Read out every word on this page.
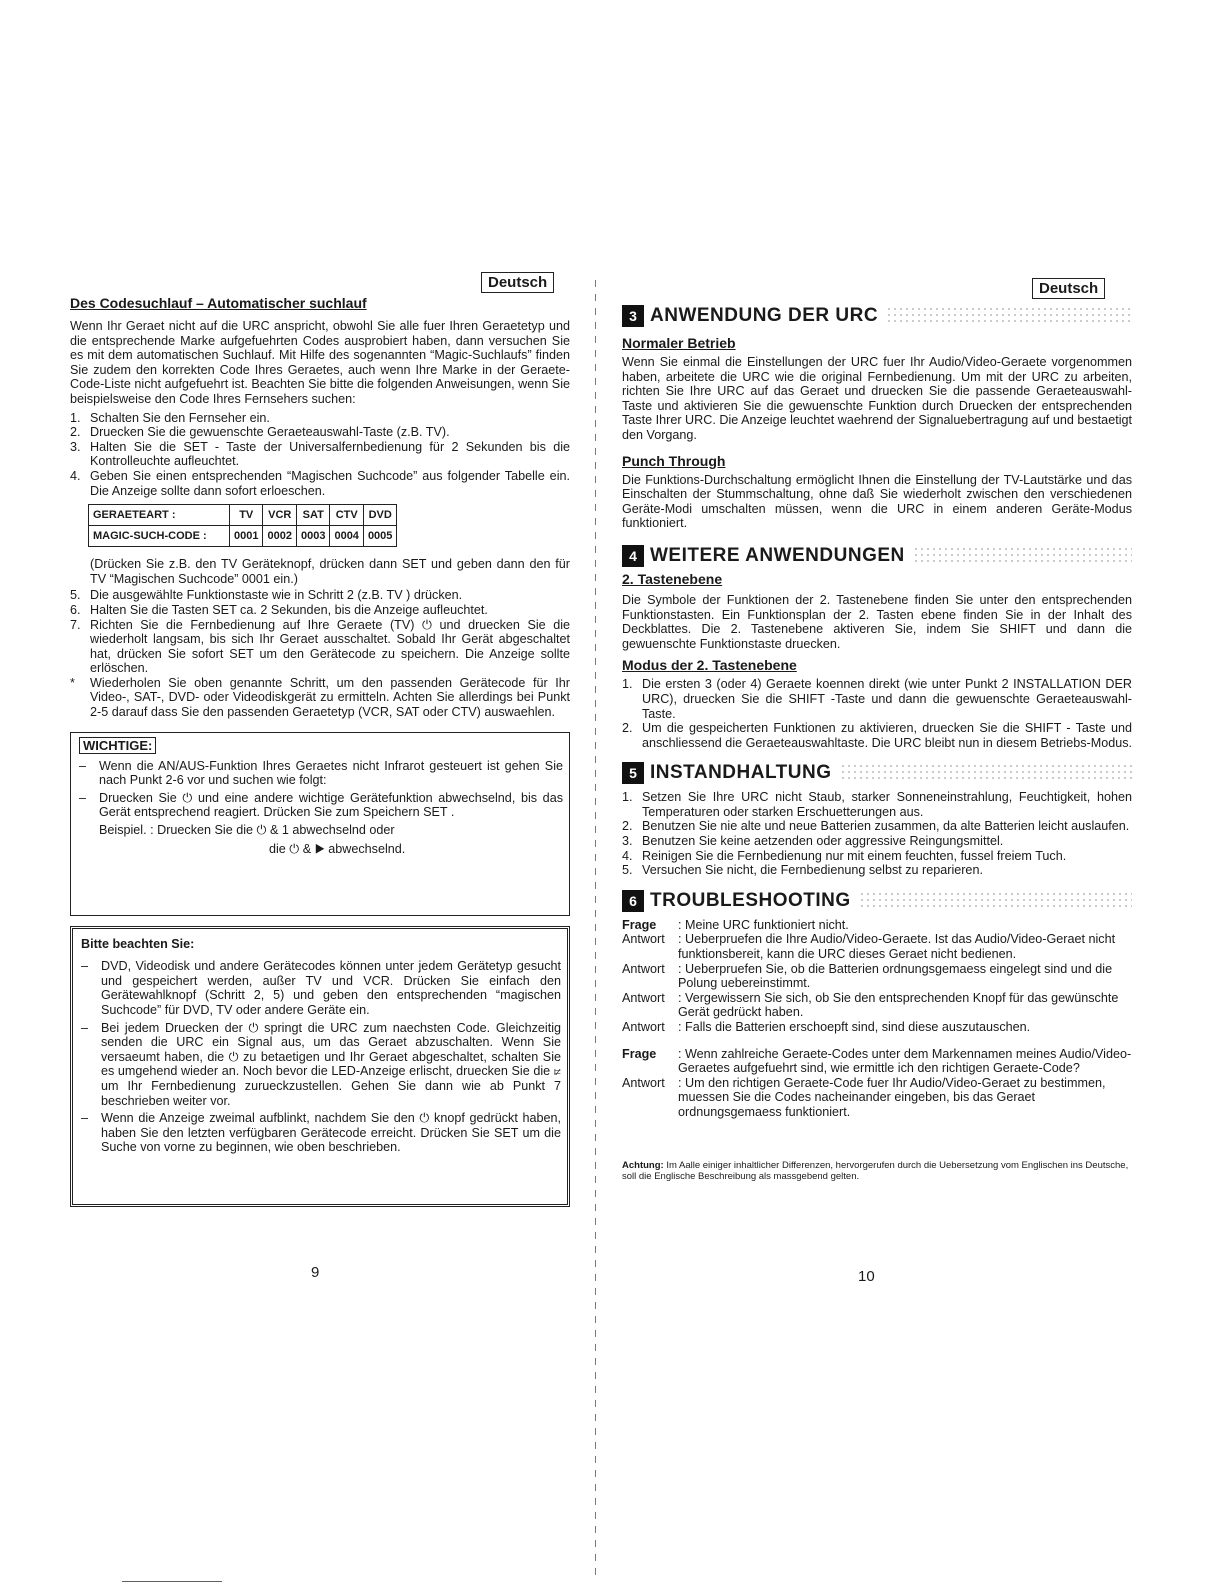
Deutsch

Des Codesuchlauf – Automatischer suchlauf

Wenn Ihr Geraet nicht auf die URC anspricht, obwohl Sie alle fuer Ihren Geraetetyp und die entsprechende Marke aufgefuehrten Codes ausprobiert haben, dann versuchen Sie es mit dem automatischen Suchlauf. Mit Hilfe des sogenannten “Magic-Suchlaufs” finden Sie zudem den korrekten Code Ihres Geraetes, auch wenn Ihre Marke in der Geraete-Code-Liste nicht aufgefuehrt ist. Beachten Sie bitte die folgenden Anweisungen, wenn Sie beispielsweise den Code Ihres Fernsehers suchen:

1. Schalten Sie den Fernseher ein.
2. Druecken Sie die gewuenschte Geraeteauswahl-Taste (z.B. TV).
3. Halten Sie die SET - Taste der Universalfernbedienung für 2 Sekunden bis die Kontrolleuchte aufleuchtet.
4. Geben Sie einen entsprechenden “Magischen Suchcode” aus folgender Tabelle ein. Die Anzeige sollte dann sofort erloeschen.
GERAETEART :	TV	VCR	SAT	CTV	DVD
MAGIC-SUCH-CODE :	0001	0002	0003	0004	0005

(Drücken Sie z.B. den TV Geräteknopf, drücken dann SET und geben dann den für TV “Magischen Suchcode” 0001 ein.)

5. Die ausgewählte Funktionstaste wie in Schritt 2 (z.B. TV ) drücken.
6. Halten Sie die Tasten SET ca. 2 Sekunden, bis die Anzeige aufleuchtet.
7. Richten Sie die Fernbedienung auf Ihre Geraete (TV) ⏻ und druecken Sie die wiederholt langsam, bis sich Ihr Geraet ausschaltet. Sobald Ihr Gerät abgeschaltet hat, drücken Sie sofort SET um den Gerätecode zu speichern. Die Anzeige sollte erlöschen.
* Wiederholen Sie oben genannte Schritt, um den passenden Gerätecode für Ihr Video-, SAT-, DVD- oder Videodiskgerät zu ermitteln. Achten Sie allerdings bei Punkt 2-5 darauf dass Sie den passenden Geraetetyp (VCR, SAT oder CTV) auswaehlen.
WICHTIGE:
– Wenn die AN/AUS-Funktion Ihres Geraetes nicht Infrarot gesteuert ist gehen Sie nach Punkt 2-6 vor und suchen wie folgt:
– Druecken Sie ⏻ und eine andere wichtige Gerätefunktion abwechselnd, bis das Gerät entsprechend reagiert. Drücken Sie zum Speichern SET .

Beispiel. : Druecken Sie die ⏻ & 1 abwechselnd oder

die ⏻ & ▶ abwechselnd.

Bitte beachten Sie:

– DVD, Videodisk und andere Gerätecodes können unter jedem Gerätetyp gesucht und gespeichert werden, außer TV und VCR. Drücken Sie einfach den Gerätewahlknopf (Schritt 2, 5) und geben den entsprechenden “magischen Suchcode” für DVD, TV oder andere Geräte ein.
– Bei jedem Druecken der ⏻ springt die URC zum naechsten Code. Gleichzeitig senden die URC ein Signal aus, um das Geraet abzuschalten. Wenn Sie versaeumt haben, die ⏻ zu betaetigen und Ihr Geraet abgeschaltet, schalten Sie es umgehend wieder an. Noch bevor die LED-Anzeige erlischt, druecken Sie die ⊭ um Ihr Fernbedienung zurueckzustellen. Gehen Sie dann wie ab Punkt 7 beschrieben weiter vor.
– Wenn die Anzeige zweimal aufblinkt, nachdem Sie den ⏻ knopf gedrückt haben, haben Sie den letzten verfügbaren Gerätecode erreicht. Drücken Sie SET um die Suche von vorne zu beginnen, wie oben beschrieben.
9
Deutsch
3 ANWENDUNG DER URC

Normaler Betrieb

Wenn Sie einmal die Einstellungen der URC fuer Ihr Audio/Video-Geraete vorgenommen haben, arbeitete die URC wie die original Fernbedienung. Um mit der URC zu arbeiten, richten Sie Ihre URC auf das Geraet und druecken Sie die passende Geraeteauswahl-Taste und aktivieren Sie die gewuenschte Funktion durch Druecken der entsprechenden Taste Ihrer URC. Die Anzeige leuchtet waehrend der Signaluebertragung auf und bestaetigt den Vorgang.

Punch Through

Die Funktions-Durchschaltung ermöglicht Ihnen die Einstellung der TV-Lautstärke und das Einschalten der Stummschaltung, ohne daß Sie wiederholt zwischen den verschiedenen Geräte-Modi umschalten müssen, wenn die URC in einem anderen Geräte-Modus funktioniert.

4 WEITERE ANWENDUNGEN

2. Tastenebene

Die Symbole der Funktionen der 2. Tastenebene finden Sie unter den entsprechenden Funktionstasten. Ein Funktionsplan der 2. Tasten ebene finden Sie in der Inhalt des Deckblattes. Die 2. Tastenebene aktiveren Sie, indem Sie SHIFT und dann die gewuenschte Funktionstaste druecken.

Modus der 2. Tastenebene

1. Die ersten 3 (oder 4) Geraete koennen direkt (wie unter Punkt 2 INSTALLATION DER URC), druecken Sie die SHIFT -Taste und dann die gewuenschte Geraeteauswahl-Taste.
2. Um die gespeicherten Funktionen zu aktivieren, druecken Sie die SHIFT - Taste und anschliessend die Geraeteauswahltaste. Die URC bleibt nun in diesem Betriebs-Modus.
5 INSTANDHALTUNG
1. Setzen Sie Ihre URC nicht Staub, starker Sonneneinstrahlung, Feuchtigkeit, hohen Temperaturen oder starken Erschuetterungen aus.
2. Benutzen Sie nie alte und neue Batterien zusammen, da alte Batterien leicht auslaufen.
3. Benutzen Sie keine aetzenden oder aggressive Reingungsmittel.
4. Reinigen Sie die Fernbedienung nur mit einem feuchten, fussel freiem Tuch.
5. Versuchen Sie nicht, die Fernbedienung selbst zu reparieren.
6 TROUBLESHOOTING
Frage	: Meine URC funktioniert nicht.
Antwort	: Ueberpruefen die Ihre Audio/Video-Geraete. Ist das Audio/Video-Geraet nicht funktionsbereit, kann die URC dieses Geraet nicht bedienen.
Antwort	: Ueberpruefen Sie, ob die Batterien ordnungsgemaess eingelegt sind und die Polung uebereinstimmt.
Antwort	: Vergewissern Sie sich, ob Sie den entsprechenden Knopf für das gewünschte Gerät gedrückt haben.
Antwort	: Falls die Batterien erschoepft sind, sind diese auszutauschen.
Frage	: Wenn zahlreiche Geraete-Codes unter dem Markennamen meines Audio/Video-Geraetes aufgefuehrt sind, wie ermittle ich den richtigen Geraete-Code?
Antwort	: Um den richtigen Geraete-Code fuer Ihr Audio/Video-Geraet zu bestimmen, muessen Sie die Codes nacheinander eingeben, bis das Geraet ordnungsgemaess funktioniert.

Achtung: Im Aalle einiger inhaltlicher Differenzen, hervorgerufen durch die Uebersetzung vom Englischen ins Deutsche, soll die Englische Beschreibung als massgebend gelten.

10
